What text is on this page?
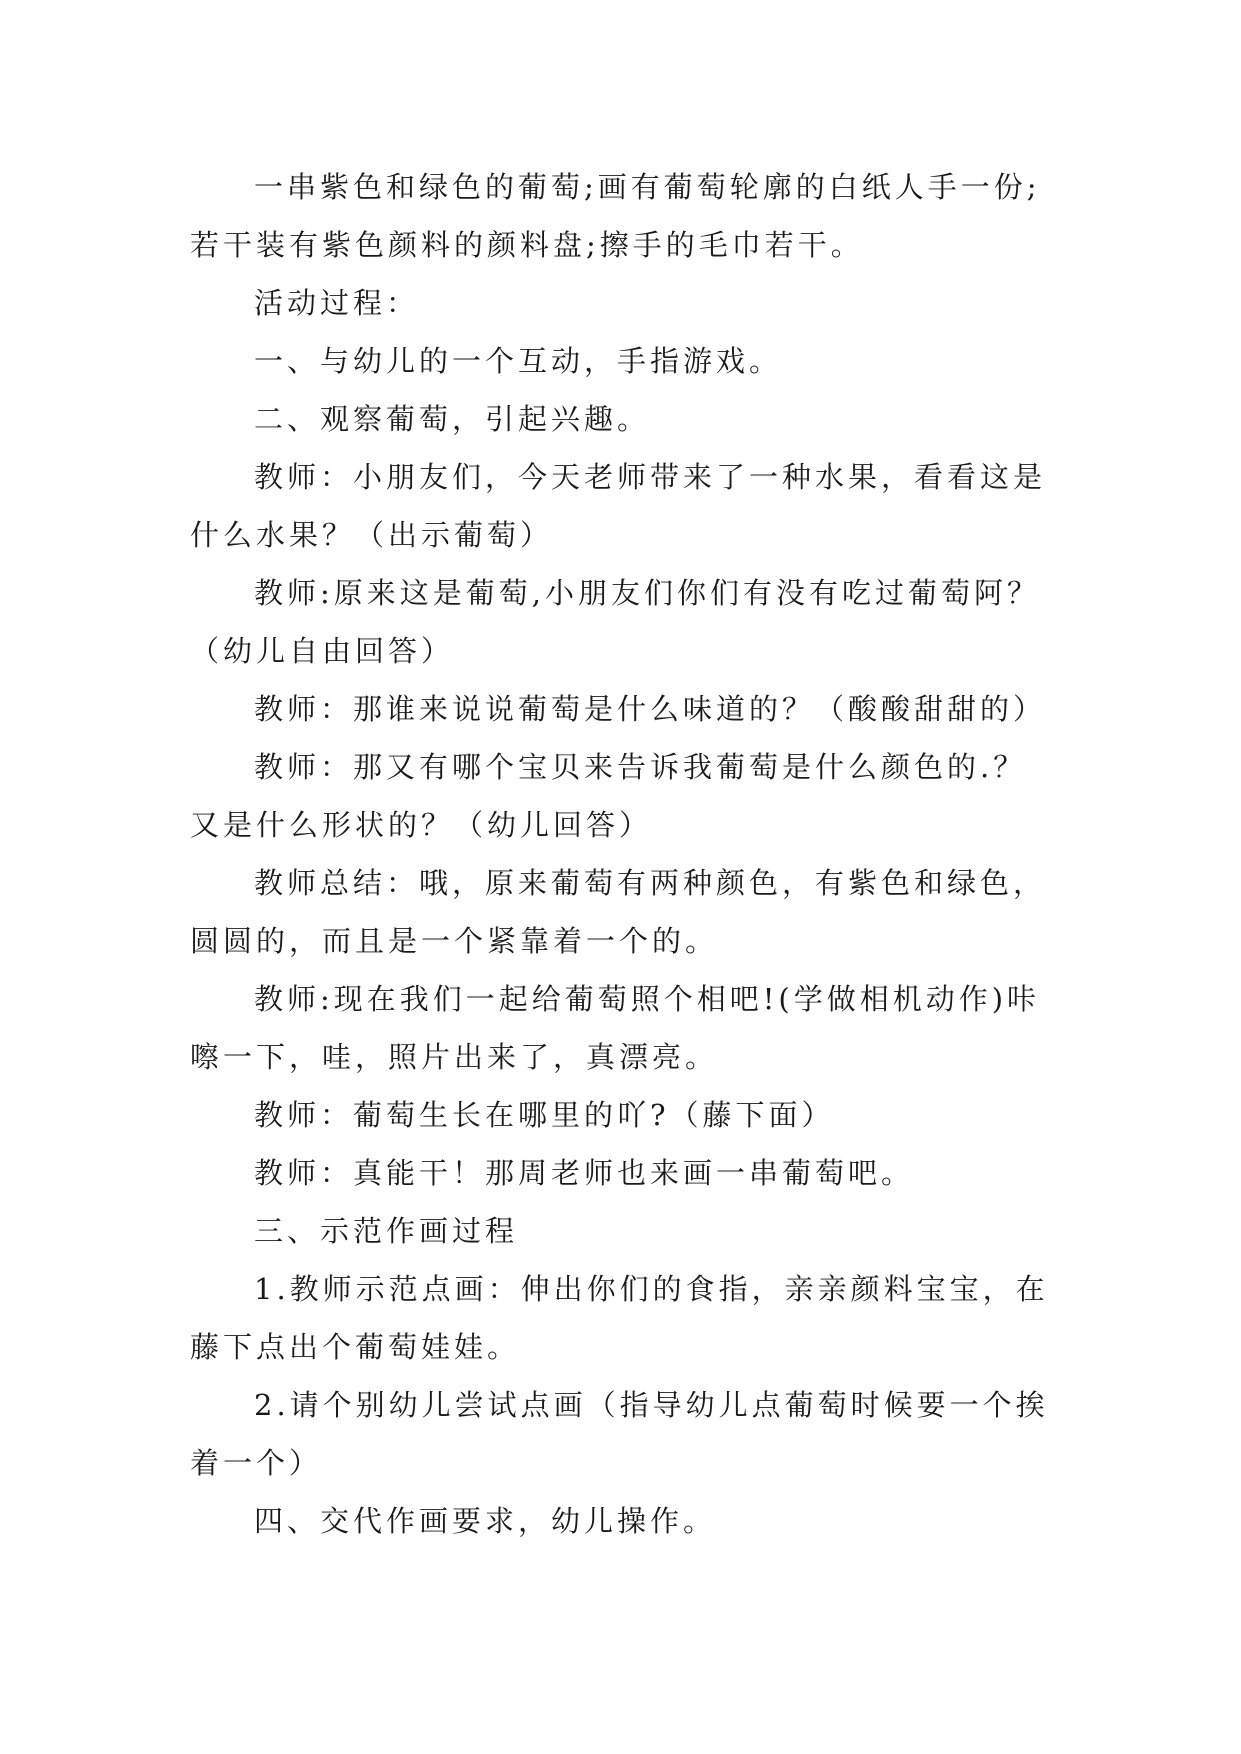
一串紫色和绿色的葡萄;画有葡萄轮廓的白纸人手一份;若干装有紫色颜料的颜料盘;擦手的毛巾若干。

活动过程：

一、与幼儿的一个互动，手指游戏。

二、观察葡萄，引起兴趣。

教师：小朋友们，今天老师带来了一种水果，看看这是什么水果？（出示葡萄）

教师:原来这是葡萄,小朋友们你们有没有吃过葡萄阿？（幼儿自由回答）

教师：那谁来说说葡萄是什么味道的？（酸酸甜甜的）

教师：那又有哪个宝贝来告诉我葡萄是什么颜色的.？又是什么形状的？（幼儿回答）

教师总结：哦，原来葡萄有两种颜色，有紫色和绿色，圆圆的，而且是一个紧靠着一个的。

教师:现在我们一起给葡萄照个相吧!(学做相机动作)咔嚓一下，哇，照片出来了，真漂亮。

教师：葡萄生长在哪里的吖?（藤下面）

教师：真能干！那周老师也来画一串葡萄吧。

三、示范作画过程

1.教师示范点画：伸出你们的食指，亲亲颜料宝宝，在藤下点出个葡萄娃娃。

2.请个别幼儿尝试点画（指导幼儿点葡萄时候要一个挨着一个）

四、交代作画要求，幼儿操作。
